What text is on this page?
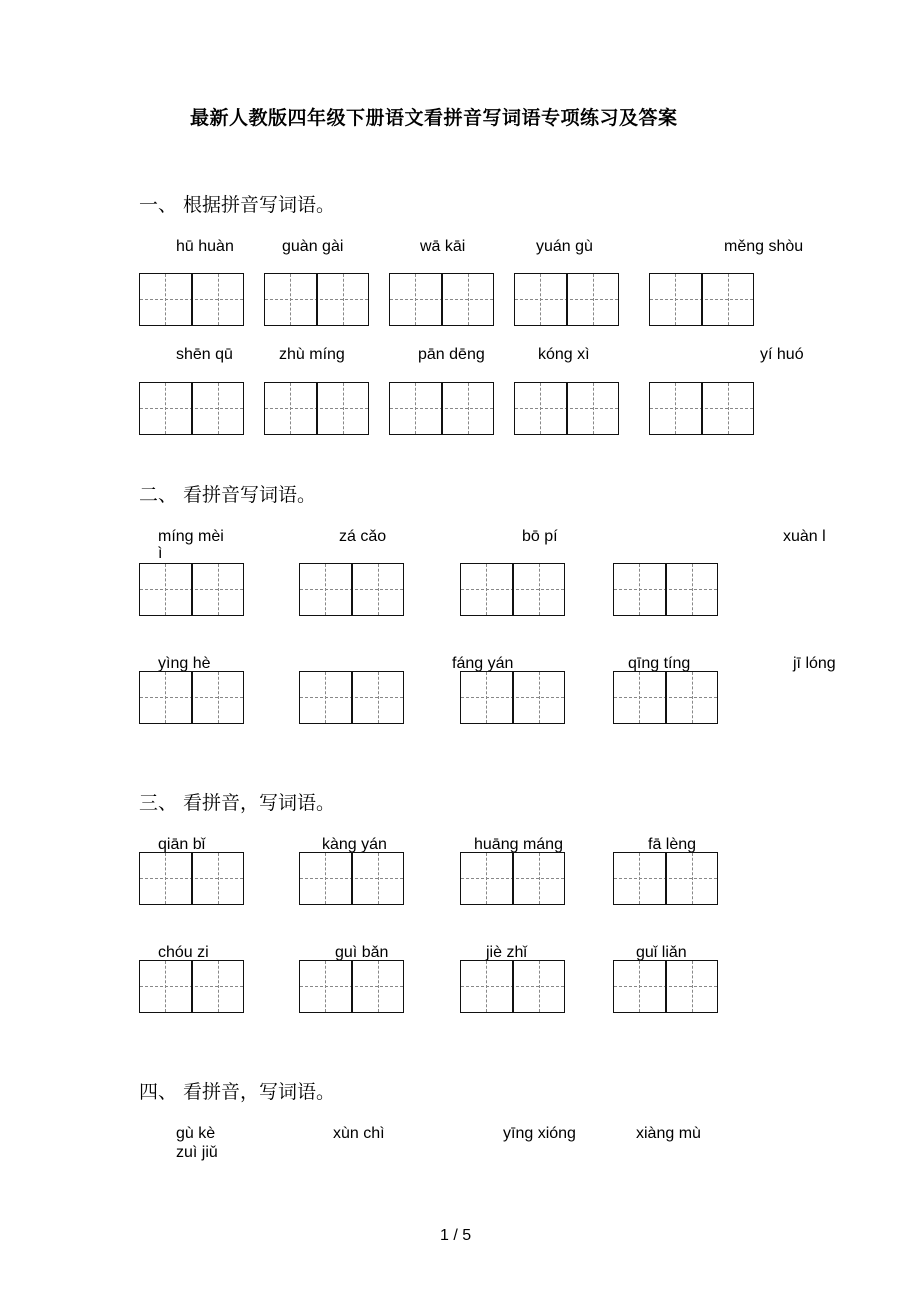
最新人教版四年级下册语文看拼音写词语专项练习及答案
一、 根据拼音写词语。
hū huàn	guàn gài	wā kāi	yuán gù	měng shòu
shēn qū	zhù míng	pān dēng	kóng xì	yí huó
二、 看拼音写词语。
míng mèi	zá cǎo	bō pí	xuàn l
ì
yìng hè	fáng yán	qīng tíng	jī lóng
三、 看拼音，写词语。
qiān bǐ	kàng yán	huāng máng	fā lèng
chóu zi	guì bǎn	jiè zhǐ	guǐ liǎn
四、 看拼音，写词语。
gù kè	xùn chì	yīng xióng	xiàng mù
zuì jiǔ
1 / 5
